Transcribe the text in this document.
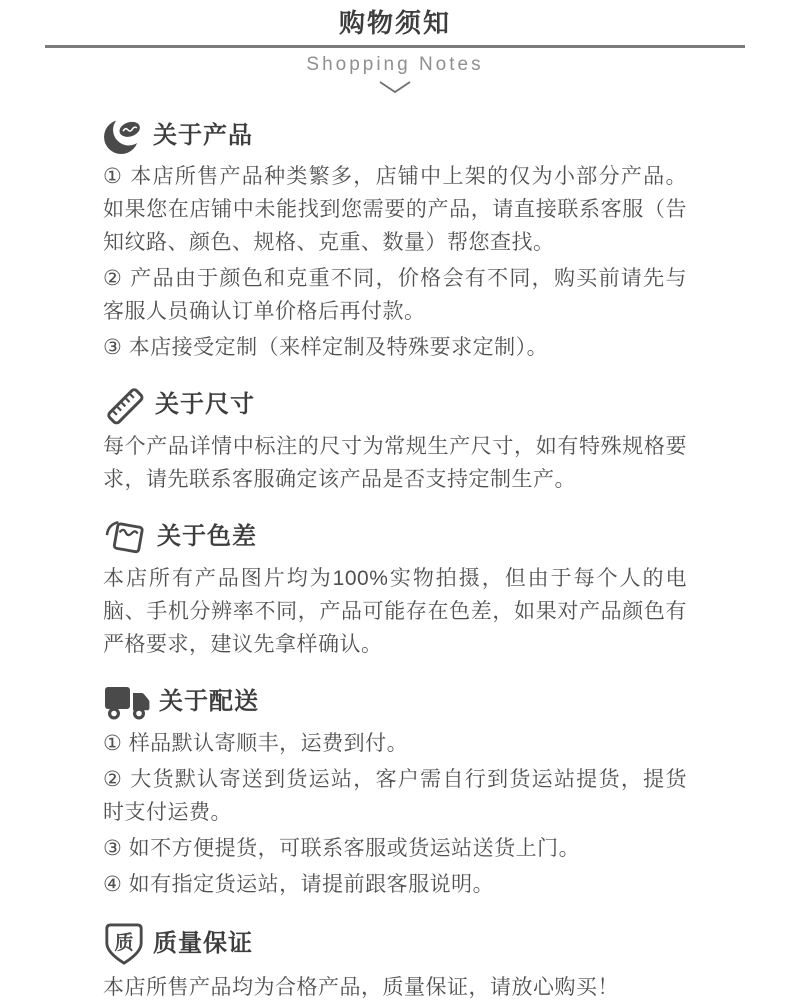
购物须知
Shopping Notes
关于产品

① 本店所售产品种类繁多，店铺中上架的仅为小部分产品。如果您在店铺中未能找到您需要的产品，请直接联系客服（告知纹路、颜色、规格、克重、数量）帮您查找。

② 产品由于颜色和克重不同，价格会有不同，购买前请先与客服人员确认订单价格后再付款。

③ 本店接受定制（来样定制及特殊要求定制）。

关于尺寸

每个产品详情中标注的尺寸为常规生产尺寸，如有特殊规格要求，请先联系客服确定该产品是否支持定制生产。

关于色差

本店所有产品图片均为100%实物拍摄，但由于每个人的电脑、手机分辨率不同，产品可能存在色差，如果对产品颜色有严格要求，建议先拿样确认。

关于配送

① 样品默认寄顺丰，运费到付。

② 大货默认寄送到货运站，客户需自行到货运站提货，提货时支付运费。

③ 如不方便提货，可联系客服或货运站送货上门。

④ 如有指定货运站，请提前跟客服说明。

质 质量保证

本店所售产品均为合格产品，质量保证，请放心购买！
